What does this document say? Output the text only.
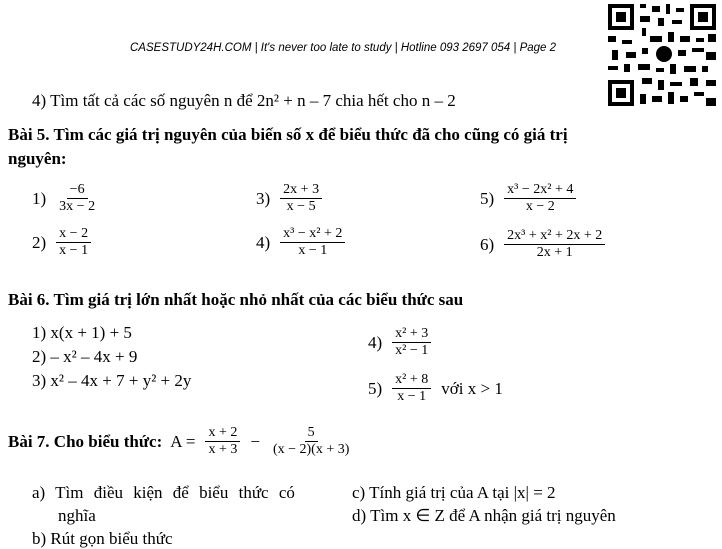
CASESTUDY24H.COM | It's never too late to study | Hotline 093 2697 054 | Page 2
4) Tìm tất cả các số nguyên n để 2n² + n – 7 chia hết cho n – 2
Bài 5. Tìm các giá trị nguyên của biến số x để biểu thức đã cho cũng có giá trị
nguyên:
$1) \frac{-6}{3x - 2}$
$2) \frac{x - 2}{x - 1}$
$3) \frac{2x + 3}{x - 5}$
$4) \frac{\text{x³ − x² + 2}}{x - 1}$
$5) \frac{\text{x³ − 2x² + 4}}{x - 2}$
$6) \frac{\text{2x³ + x² + 2x + 2}}{2x + 1}$
Bài 6. Tìm giá trị lớn nhất hoặc nhỏ nhất của các biểu thức sau
1) x(x + 1) + 5
2) – x² – 4x + 9
3) x² – 4x + 7 + y² + 2y
$4) \frac{\text{x² + 3}}{\text{x² − 1}}$
$5) \frac{\text{x² + 8}}{x - 1}$ với x > 1
Bài 7. Cho biểu thức: $A = \frac{x + 2}{x + 3} - \frac{5}{(x - 2)(x + 3)}$
a) Tìm điều kiện để biểu thức có
nghĩa
b) Rút gọn biểu thức
c) Tính giá trị của A tại |x| = 2
d) Tìm x ∈ Z để A nhận giá trị nguyên
